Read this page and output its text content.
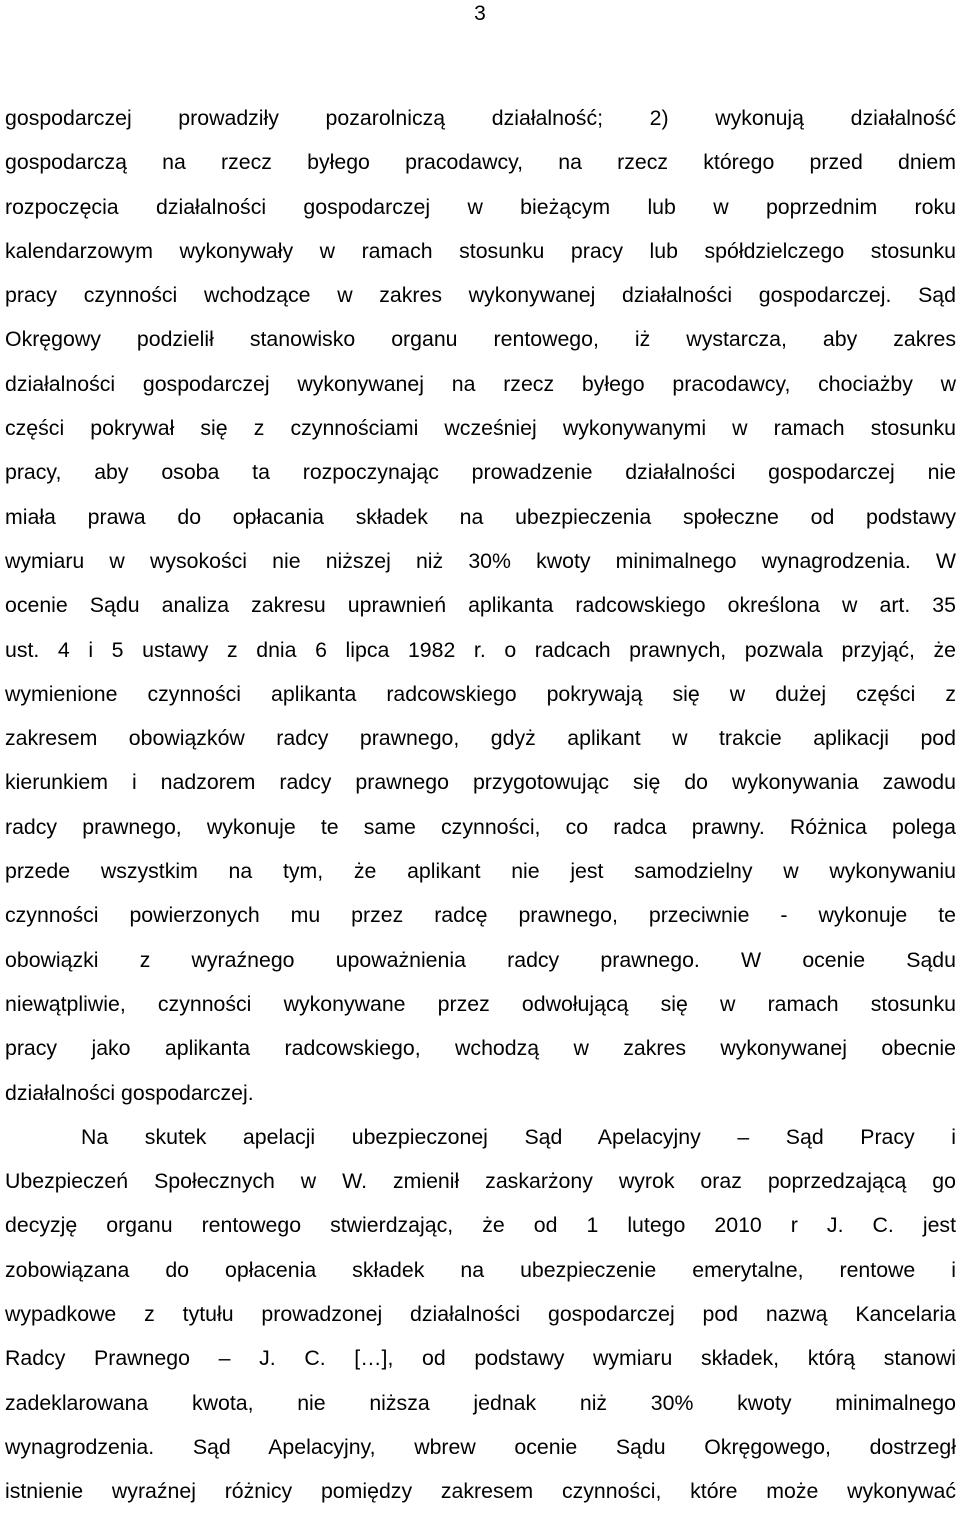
3
gospodarczej prowadziły pozarolniczą działalność; 2) wykonują działalność
gospodarczą na rzecz byłego pracodawcy, na rzecz którego przed dniem
rozpoczęcia działalności gospodarczej w bieżącym lub w poprzednim roku
kalendarzowym wykonywały w ramach stosunku pracy lub spółdzielczego stosunku
pracy czynności wchodzące w zakres wykonywanej działalności gospodarczej. Sąd
Okręgowy podzielił stanowisko organu rentowego, iż wystarcza, aby zakres
działalności gospodarczej wykonywanej na rzecz byłego pracodawcy, chociażby w
części pokrywał się z czynnościami wcześniej wykonywanymi w ramach stosunku
pracy, aby osoba ta rozpoczynając prowadzenie działalności gospodarczej nie
miała prawa do opłacania składek na ubezpieczenia społeczne od podstawy
wymiaru w wysokości nie niższej niż 30% kwoty minimalnego wynagrodzenia. W
ocenie Sądu analiza zakresu uprawnień aplikanta radcowskiego określona w art. 35
ust. 4 i 5 ustawy z dnia 6 lipca 1982 r. o radcach prawnych, pozwala przyjąć, że
wymienione czynności aplikanta radcowskiego pokrywają się w dużej części z
zakresem obowiązków radcy prawnego, gdyż aplikant w trakcie aplikacji pod
kierunkiem i nadzorem radcy prawnego przygotowując się do wykonywania zawodu
radcy prawnego, wykonuje te same czynności, co radca prawny. Różnica polega
przede wszystkim na tym, że aplikant nie jest samodzielny w wykonywaniu
czynności powierzonych mu przez radcę prawnego, przeciwnie - wykonuje te
obowiązki z wyraźnego upoważnienia radcy prawnego. W ocenie Sądu
niewątpliwie, czynności wykonywane przez odwołującą się w ramach stosunku
pracy jako aplikanta radcowskiego, wchodzą w zakres wykonywanej obecnie
działalności gospodarczej.
Na skutek apelacji ubezpieczonej Sąd Apelacyjny – Sąd Pracy i
Ubezpieczeń Społecznych w W. zmienił zaskarżony wyrok oraz poprzedzającą go
decyzję organu rentowego stwierdzając, że od 1 lutego 2010 r J. C. jest
zobowiązana do opłacenia składek na ubezpieczenie emerytalne, rentowe i
wypadkowe z tytułu prowadzonej działalności gospodarczej pod nazwą Kancelaria
Radcy Prawnego – J. C. […], od podstawy wymiaru składek, którą stanowi
zadeklarowana kwota, nie niższa jednak niż 30% kwoty minimalnego
wynagrodzenia. Sąd Apelacyjny, wbrew ocenie Sądu Okręgowego, dostrzegł
istnienie wyraźnej różnicy pomiędzy zakresem czynności, które może wykonywać
